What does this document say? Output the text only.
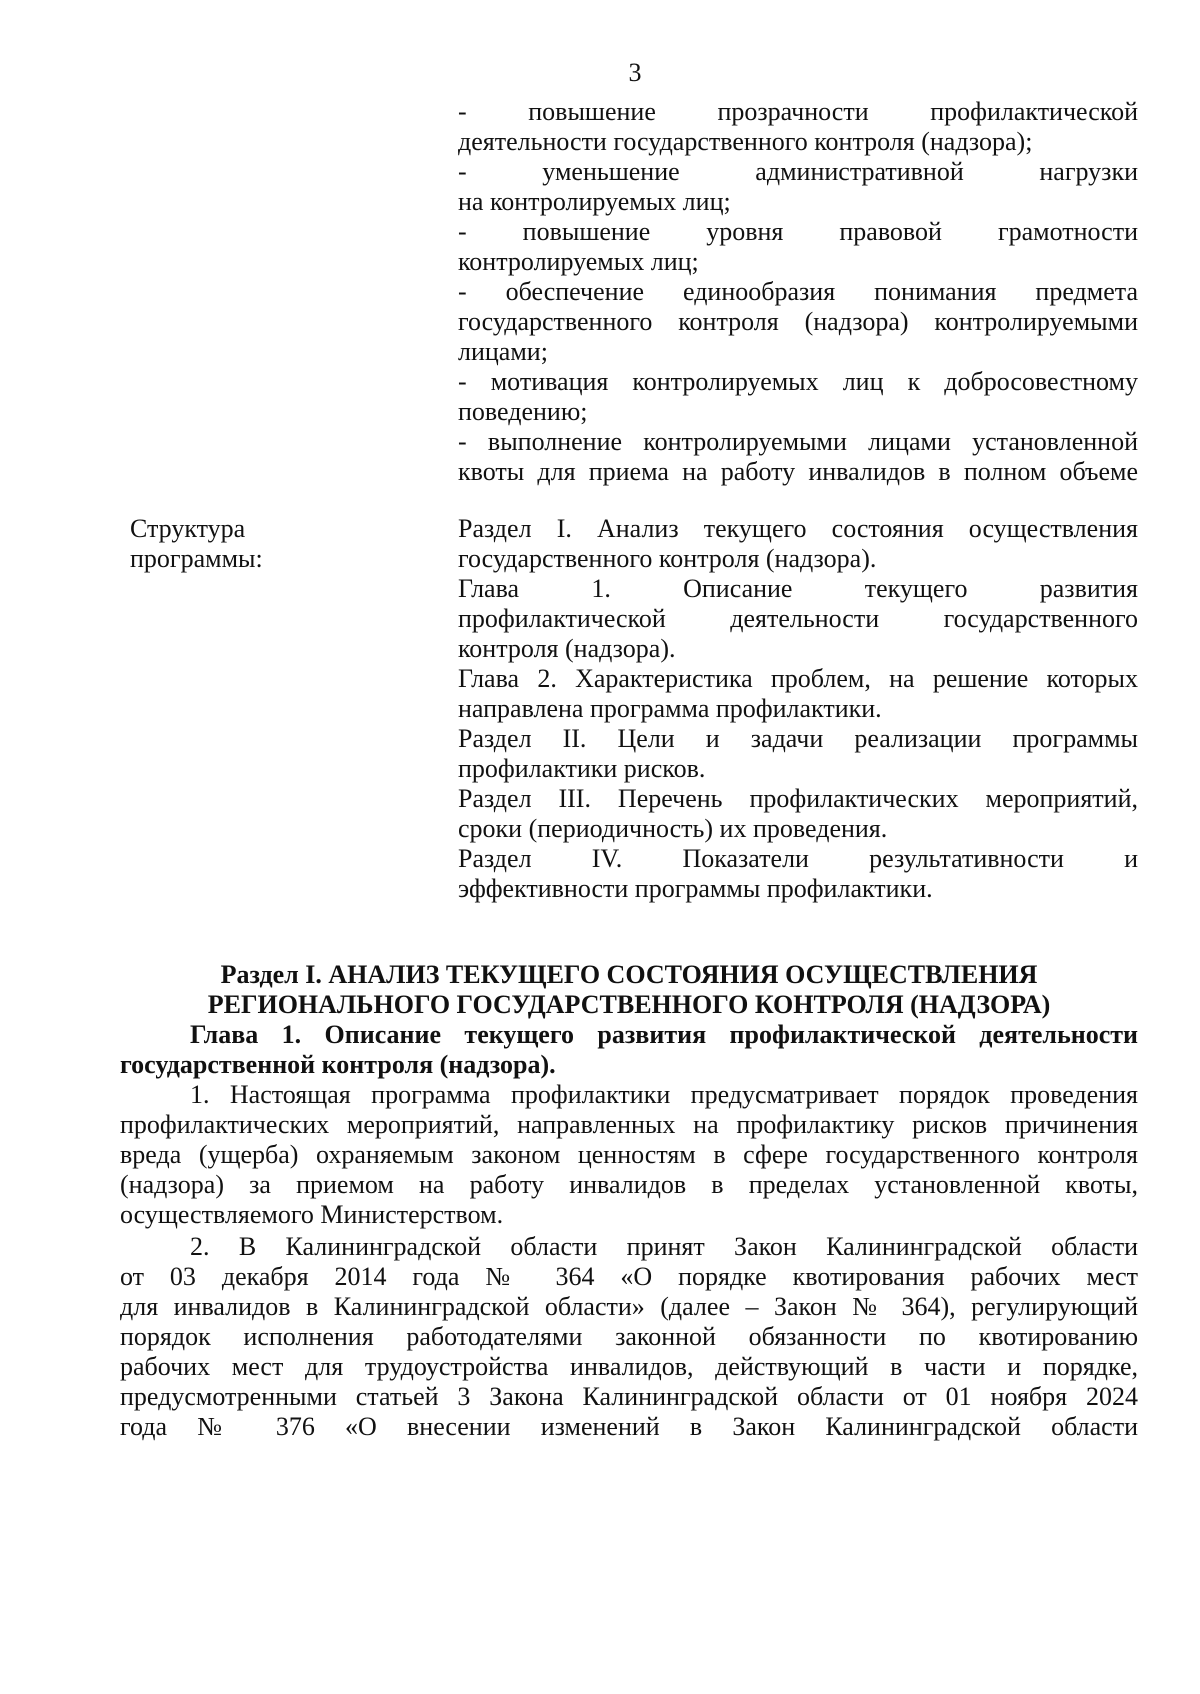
3
- повышение прозрачности профилактической
деятельности государственного контроля (надзора);
- уменьшение административной нагрузки
на контролируемых лиц;
- повышение уровня правовой грамотности
контролируемых лиц;
- обеспечение единообразия понимания предмета
государственного контроля (надзора) контролируемыми
лицами;
- мотивация контролируемых лиц к добросовестному
поведению;
- выполнение контролируемыми лицами установленной
квоты для приема на работу инвалидов в полном объеме
Структура
программы:
Раздел I. Анализ текущего состояния осуществления
государственного контроля (надзора).
Глава 1. Описание текущего развития
профилактической деятельности государственного
контроля (надзора).
Глава 2. Характеристика проблем, на решение которых
направлена программа профилактики.
Раздел II. Цели и задачи реализации программы
профилактики рисков.
Раздел III. Перечень профилактических мероприятий,
сроки (периодичность) их проведения.
Раздел IV. Показатели результативности и
эффективности программы профилактики.
Раздел I. АНАЛИЗ ТЕКУЩЕГО СОСТОЯНИЯ ОСУЩЕСТВЛЕНИЯ
РЕГИОНАЛЬНОГО ГОСУДАРСТВЕННОГО КОНТРОЛЯ (НАДЗОРА)
Глава 1. Описание текущего развития профилактической деятельности
государственной контроля (надзора).
1. Настоящая программа профилактики предусматривает порядок проведения
профилактических мероприятий, направленных на профилактику рисков причинения
вреда (ущерба) охраняемым законом ценностям в сфере государственного контроля
(надзора) за приемом на работу инвалидов в пределах установленной квоты,
осуществляемого Министерством.
2. В Калининградской области принят Закон Калининградской области
от 03 декабря 2014 года № 364 «О порядке квотирования рабочих мест
для инвалидов в Калининградской области» (далее – Закон № 364), регулирующий
порядок исполнения работодателями законной обязанности по квотированию
рабочих мест для трудоустройства инвалидов, действующий в части и порядке,
предусмотренными статьей 3 Закона Калининградской области от 01 ноября 2024
года № 376 «О внесении изменений в Закон Калининградской области
